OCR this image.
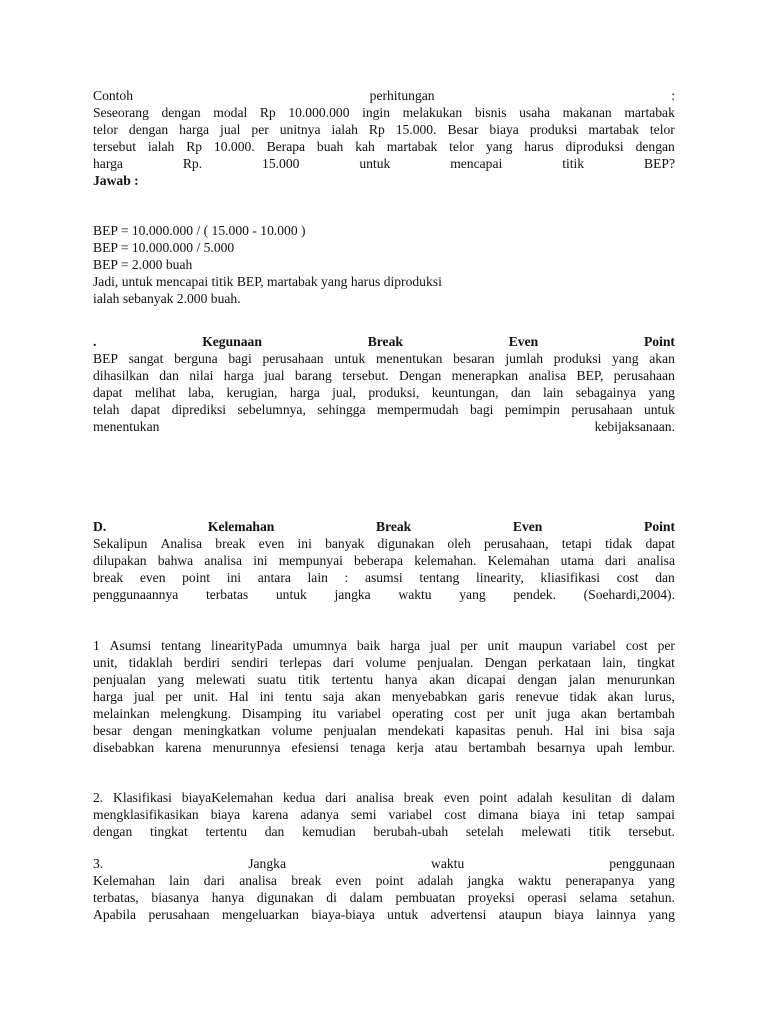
Contoh	perhitungan	:
Seseorang dengan modal Rp 10.000.000 ingin melakukan bisnis usaha makanan martabak
telor dengan harga jual per unitnya ialah Rp 15.000. Besar biaya produksi martabak telor
tersebut ialah Rp 10.000. Berapa buah kah martabak telor yang harus diproduksi dengan
harga	Rp.	15.000	untuk	mencapai	titik	BEP?
Jawab :
BEP = 10.000.000 / ( 15.000 - 10.000 )
BEP = 10.000.000 / 5.000
BEP = 2.000 buah
Jadi, untuk mencapai titik BEP, martabak yang harus diproduksi
ialah sebanyak 2.000 buah.
.	Kegunaan	Break	Even	Point
BEP sangat berguna bagi perusahaan untuk menentukan besaran jumlah produksi yang akan
dihasilkan dan nilai harga jual barang tersebut. Dengan menerapkan analisa BEP, perusahaan
dapat melihat laba, kerugian, harga jual, produksi, keuntungan, dan lain sebagainya yang
telah dapat diprediksi sebelumnya, sehingga mempermudah bagi pemimpin perusahaan untuk
menentukan	kebijaksanaan.
D.	Kelemahan	Break	Even	Point
Sekalipun Analisa break even ini banyak digunakan oleh perusahaan, tetapi tidak dapat
dilupakan bahwa analisa ini mempunyai beberapa kelemahan. Kelemahan utama dari analisa
break even point ini antara lain : asumsi tentang linearity, kliasifikasi cost dan
penggunaannya terbatas untuk jangka waktu yang pendek. (Soehardi,2004).
1 Asumsi tentang linearityPada umumnya baik harga jual per unit maupun variabel cost per
unit, tidaklah berdiri sendiri terlepas dari volume penjualan. Dengan perkataan lain, tingkat
penjualan yang melewati suatu titik tertentu hanya akan dicapai dengan jalan menurunkan
harga jual per unit. Hal ini tentu saja akan menyebabkan garis renevue tidak akan lurus,
melainkan melengkung. Disamping itu variabel operating cost per unit juga akan bertambah
besar dengan meningkatkan volume penjualan mendekati kapasitas penuh. Hal ini bisa saja
disebabkan karena menurunnya efesiensi tenaga kerja atau bertambah besarnya upah lembur.
2. Klasifikasi biayaKelemahan kedua dari analisa break even point adalah kesulitan di dalam
mengklasifikasikan biaya karena adanya semi variabel cost dimana biaya ini tetap sampai
dengan tingkat tertentu dan kemudian berubah-ubah setelah melewati titik tersebut.
3.	Jangka	waktu	penggunaan
Kelemahan lain dari analisa break even point adalah jangka waktu penerapanya yang
terbatas, biasanya hanya digunakan di dalam pembuatan proyeksi operasi selama setahun.
Apabila perusahaan mengeluarkan biaya-biaya untuk advertensi ataupun biaya lainnya yang
